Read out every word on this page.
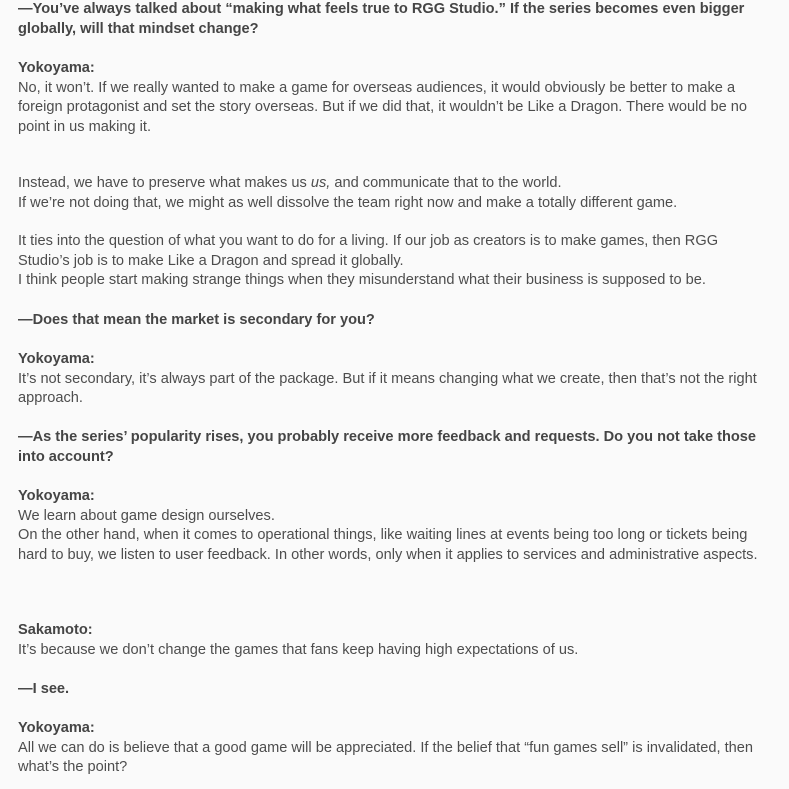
—You’ve always talked about “making what feels true to RGG Studio.” If the series becomes even bigger globally, will that mindset change?

Yokoyama:
No, it won’t. If we really wanted to make a game for overseas audiences, it would obviously be better to make a foreign protagonist and set the story overseas. But if we did that, it wouldn’t be Like a Dragon. There would be no point in us making it.
Instead, we have to preserve what makes us us, and communicate that to the world.
If we’re not doing that, we might as well dissolve the team right now and make a totally different game.
It ties into the question of what you want to do for a living. If our job as creators is to make games, then RGG Studio’s job is to make Like a Dragon and spread it globally.
I think people start making strange things when they misunderstand what their business is supposed to be.

—Does that mean the market is secondary for you?

Yokoyama:
It’s not secondary, it’s always part of the package. But if it means changing what we create, then that’s not the right approach.

—As the series’ popularity rises, you probably receive more feedback and requests. Do you not take those into account?

Yokoyama:
We learn about game design ourselves.
On the other hand, when it comes to operational things, like waiting lines at events being too long or tickets being hard to buy, we listen to user feedback. In other words, only when it applies to services and administrative aspects.
Sakamoto:
It’s because we don’t change the games that fans keep having high expectations of us.

—I see.

Yokoyama:
All we can do is believe that a good game will be appreciated. If the belief that “fun games sell” is invalidated, then what’s the point?
